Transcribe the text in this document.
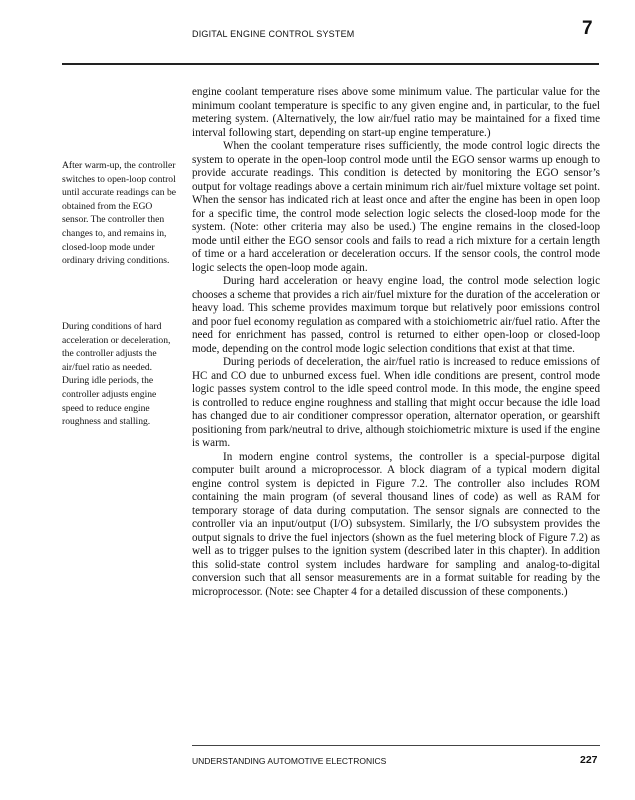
DIGITAL ENGINE CONTROL SYSTEM	7

After warm-up, the controller switches to open-loop control until accurate readings can be obtained from the EGO sensor. The controller then changes to, and remains in, closed-loop mode under ordinary driving conditions.

During conditions of hard acceleration or deceleration, the controller adjusts the air/fuel ratio as needed. During idle periods, the controller adjusts engine speed to reduce engine roughness and stalling.

engine coolant temperature rises above some minimum value. The particular value for the minimum coolant temperature is specific to any given engine and, in particular, to the fuel metering system. (Alternatively, the low air/fuel ratio may be maintained for a fixed time interval following start, depending on start-up engine temperature.)

When the coolant temperature rises sufficiently, the mode control logic directs the system to operate in the open-loop control mode until the EGO sensor warms up enough to provide accurate readings. This condition is detected by monitoring the EGO sensor’s output for voltage readings above a certain minimum rich air/fuel mixture voltage set point. When the sensor has indicated rich at least once and after the engine has been in open loop for a specific time, the control mode selection logic selects the closed-loop mode for the system. (Note: other criteria may also be used.) The engine remains in the closed-loop mode until either the EGO sensor cools and fails to read a rich mixture for a certain length of time or a hard acceleration or deceleration occurs. If the sensor cools, the control mode logic selects the open-loop mode again.

During hard acceleration or heavy engine load, the control mode selection logic chooses a scheme that provides a rich air/fuel mixture for the duration of the acceleration or heavy load. This scheme provides maximum torque but relatively poor emissions control and poor fuel economy regulation as compared with a stoichiometric air/fuel ratio. After the need for enrichment has passed, control is returned to either open-loop or closed-loop mode, depending on the control mode logic selection conditions that exist at that time.

During periods of deceleration, the air/fuel ratio is increased to reduce emissions of HC and CO due to unburned excess fuel. When idle conditions are present, control mode logic passes system control to the idle speed control mode. In this mode, the engine speed is controlled to reduce engine roughness and stalling that might occur because the idle load has changed due to air conditioner compressor operation, alternator operation, or gearshift positioning from park/neutral to drive, although stoichiometric mixture is used if the engine is warm.

In modern engine control systems, the controller is a special-purpose digital computer built around a microprocessor. A block diagram of a typical modern digital engine control system is depicted in Figure 7.2. The controller also includes ROM containing the main program (of several thousand lines of code) as well as RAM for temporary storage of data during computation. The sensor signals are connected to the controller via an input/output (I/O) subsystem. Similarly, the I/O subsystem provides the output signals to drive the fuel injectors (shown as the fuel metering block of Figure 7.2) as well as to trigger pulses to the ignition system (described later in this chapter). In addition this solid-state control system includes hardware for sampling and analog-to-digital conversion such that all sensor measurements are in a format suitable for reading by the microprocessor. (Note: see Chapter 4 for a detailed discussion of these components.)

UNDERSTANDING AUTOMOTIVE ELECTRONICS	227
